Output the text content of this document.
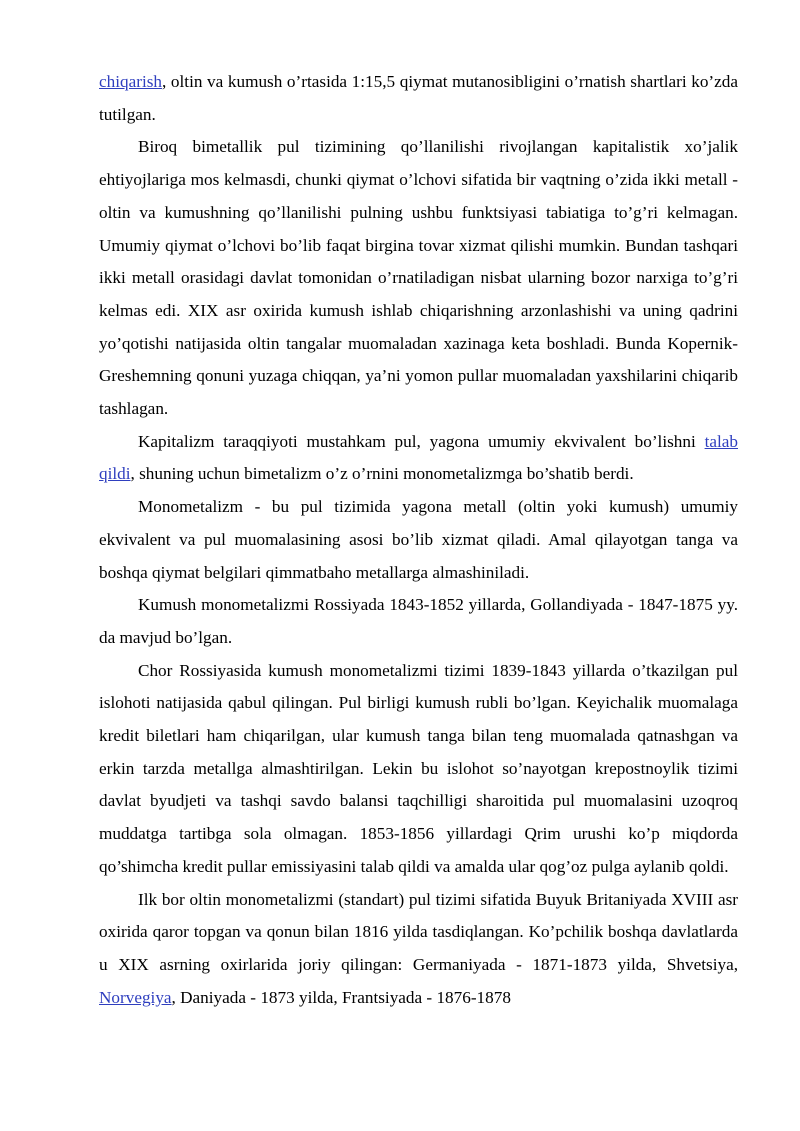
chiqarish, oltin va kumush o’rtasida 1:15,5 qiymat mutanosibligini o’rnatish shartlari ko’zda tutilgan.

Biroq bimetallik pul tizimining qo’llanilishi rivojlangan kapitalistik xo’jalik ehtiyojlariga mos kelmasdi, chunki qiymat o’lchovi sifatida bir vaqtning o’zida ikki metall - oltin va kumushning qo’llanilishi pulning ushbu funktsiyasi tabiatiga to’g’ri kelmagan. Umumiy qiymat o’lchovi bo’lib faqat birgina tovar xizmat qilishi mumkin. Bundan tashqari ikki metall orasidagi davlat tomonidan o’rnatiladigan nisbat ularning bozor narxiga to’g’ri kelmas edi. XIX asr oxirida kumush ishlab chiqarishning arzonlashishi va uning qadrini yo’qotishi natijasida oltin tangalar muomaladan xazinaga keta boshladi. Bunda Kopernik-Greshemning qonuni yuzaga chiqqan, ya’ni yomon pullar muomaladan yaxshilarini chiqarib tashlagan.

Kapitalizm taraqqiyoti mustahkam pul, yagona umumiy ekvivalent bo’lishni talab qildi, shuning uchun bimetalizm o’z o’rnini monometalizmga bo’shatib berdi.

Monometalizm - bu pul tizimida yagona metall (oltin yoki kumush) umumiy ekvivalent va pul muomalasining asosi bo’lib xizmat qiladi. Amal qilayotgan tanga va boshqa qiymat belgilari qimmatbaho metallarga almashiniladi.

Kumush monometalizmi Rossiyada 1843-1852 yillarda, Gollandiyada - 1847-1875 yy. da mavjud bo’lgan.

Chor Rossiyasida kumush monometalizmi tizimi 1839-1843 yillarda o’tkazilgan pul islohoti natijasida qabul qilingan. Pul birligi kumush rubli bo’lgan. Keyichalik muomalaga kredit biletlari ham chiqarilgan, ular kumush tanga bilan teng muomalada qatnashgan va erkin tarzda metallga almashtirilgan. Lekin bu islohot so’nayotgan krepostnoylik tizimi davlat byudjeti va tashqi savdo balansi taqchilligi sharoitida pul muomalasini uzoqroq muddatga tartibga sola olmagan. 1853-1856 yillardagi Qrim urushi ko’p miqdorda qo’shimcha kredit pullar emissiyasini talab qildi va amalda ular qog’oz pulga aylanib qoldi.

Ilk bor oltin monometalizmi (standart) pul tizimi sifatida Buyuk Britaniyada XVIII asr oxirida qaror topgan va qonun bilan 1816 yilda tasdiqlangan. Ko’pchilik boshqa davlatlarda u XIX asrning oxirlarida joriy qilingan: Germaniyada - 1871-1873 yilda, Shvetsiya, Norvegiya, Daniyada - 1873 yilda, Frantsiyada - 1876-1878
